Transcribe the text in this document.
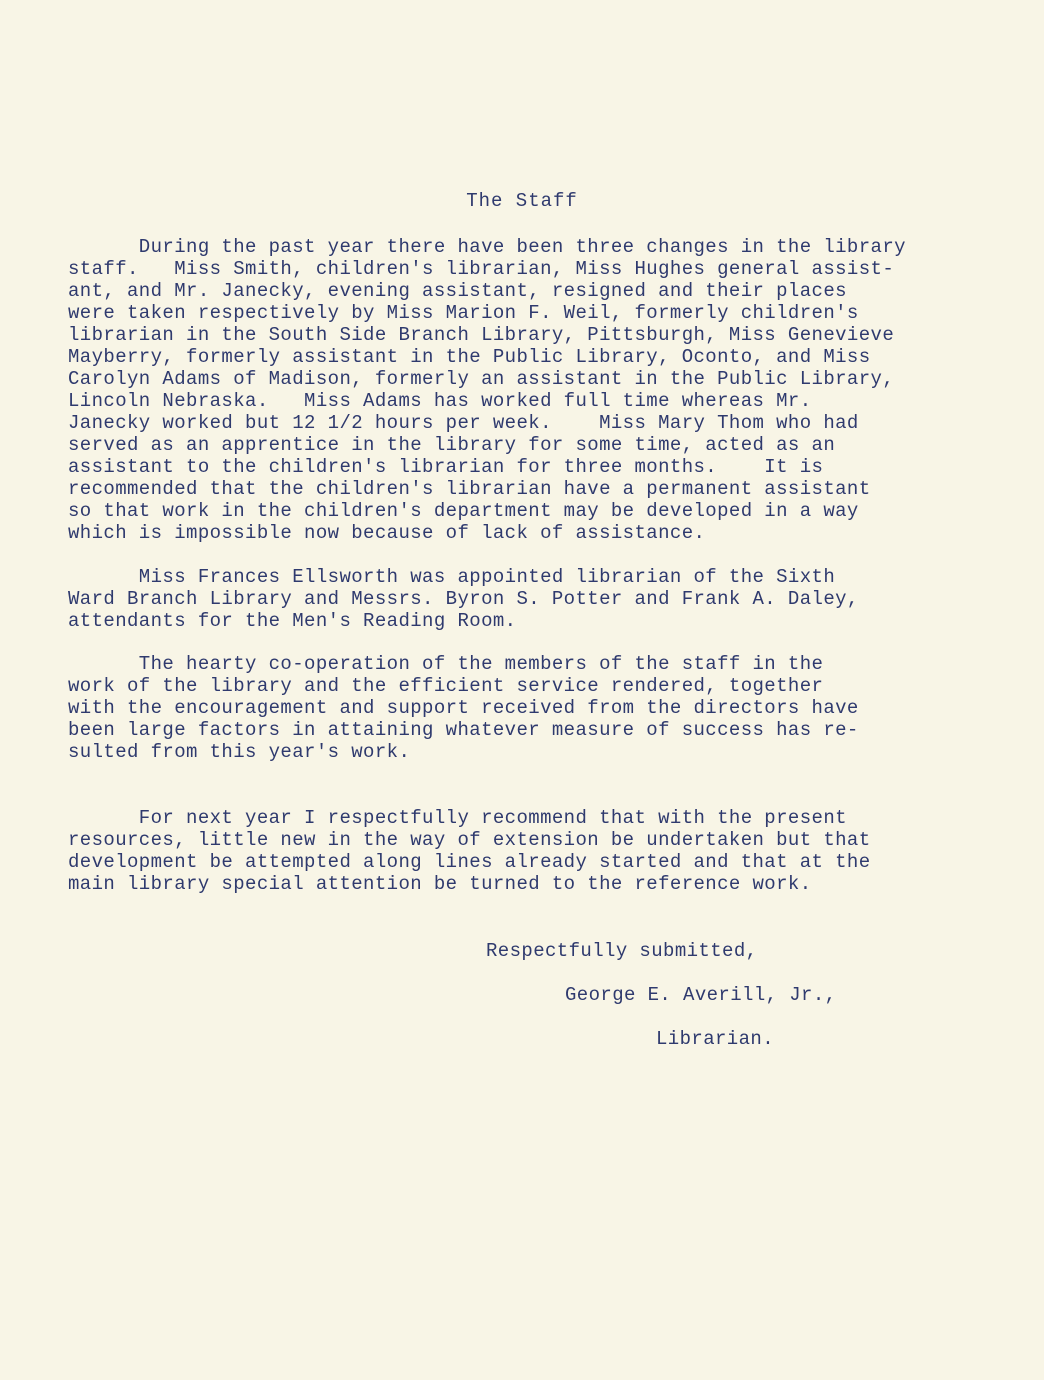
The Staff

During the past year there have been three changes in the library

staff.   Miss Smith, children's librarian, Miss Hughes general assist-

ant, and Mr. Janecky, evening assistant, resigned and their places

were taken respectively by Miss Marion F. Weil, formerly children's

librarian in the South Side Branch Library, Pittsburgh, Miss Genevieve

Mayberry, formerly assistant in the Public Library, Oconto, and Miss

Carolyn Adams of Madison, formerly an assistant in the Public Library,

Lincoln Nebraska.   Miss Adams has worked full time whereas Mr.

Janecky worked but 12 1/2 hours per week.    Miss Mary Thom who had

served as an apprentice in the library for some time, acted as an

assistant to the children's librarian for three months.    It is

recommended that the children's librarian have a permanent assistant

so that work in the children's department may be developed in a way

which is impossible now because of lack of assistance.

Miss Frances Ellsworth was appointed librarian of the Sixth

Ward Branch Library and Messrs. Byron S. Potter and Frank A. Daley,

attendants for the Men's Reading Room.

The hearty co-operation of the members of the staff in the

work of the library and the efficient service rendered, together

with the encouragement and support received from the directors have

been large factors in attaining whatever measure of success has re-

sulted from this year's work.

For next year I respectfully recommend that with the present

resources, little new in the way of extension be undertaken but that

development be attempted along lines already started and that at the

main library special attention be turned to the reference work.

Respectfully submitted,

George E. Averill, Jr.,

Librarian.
